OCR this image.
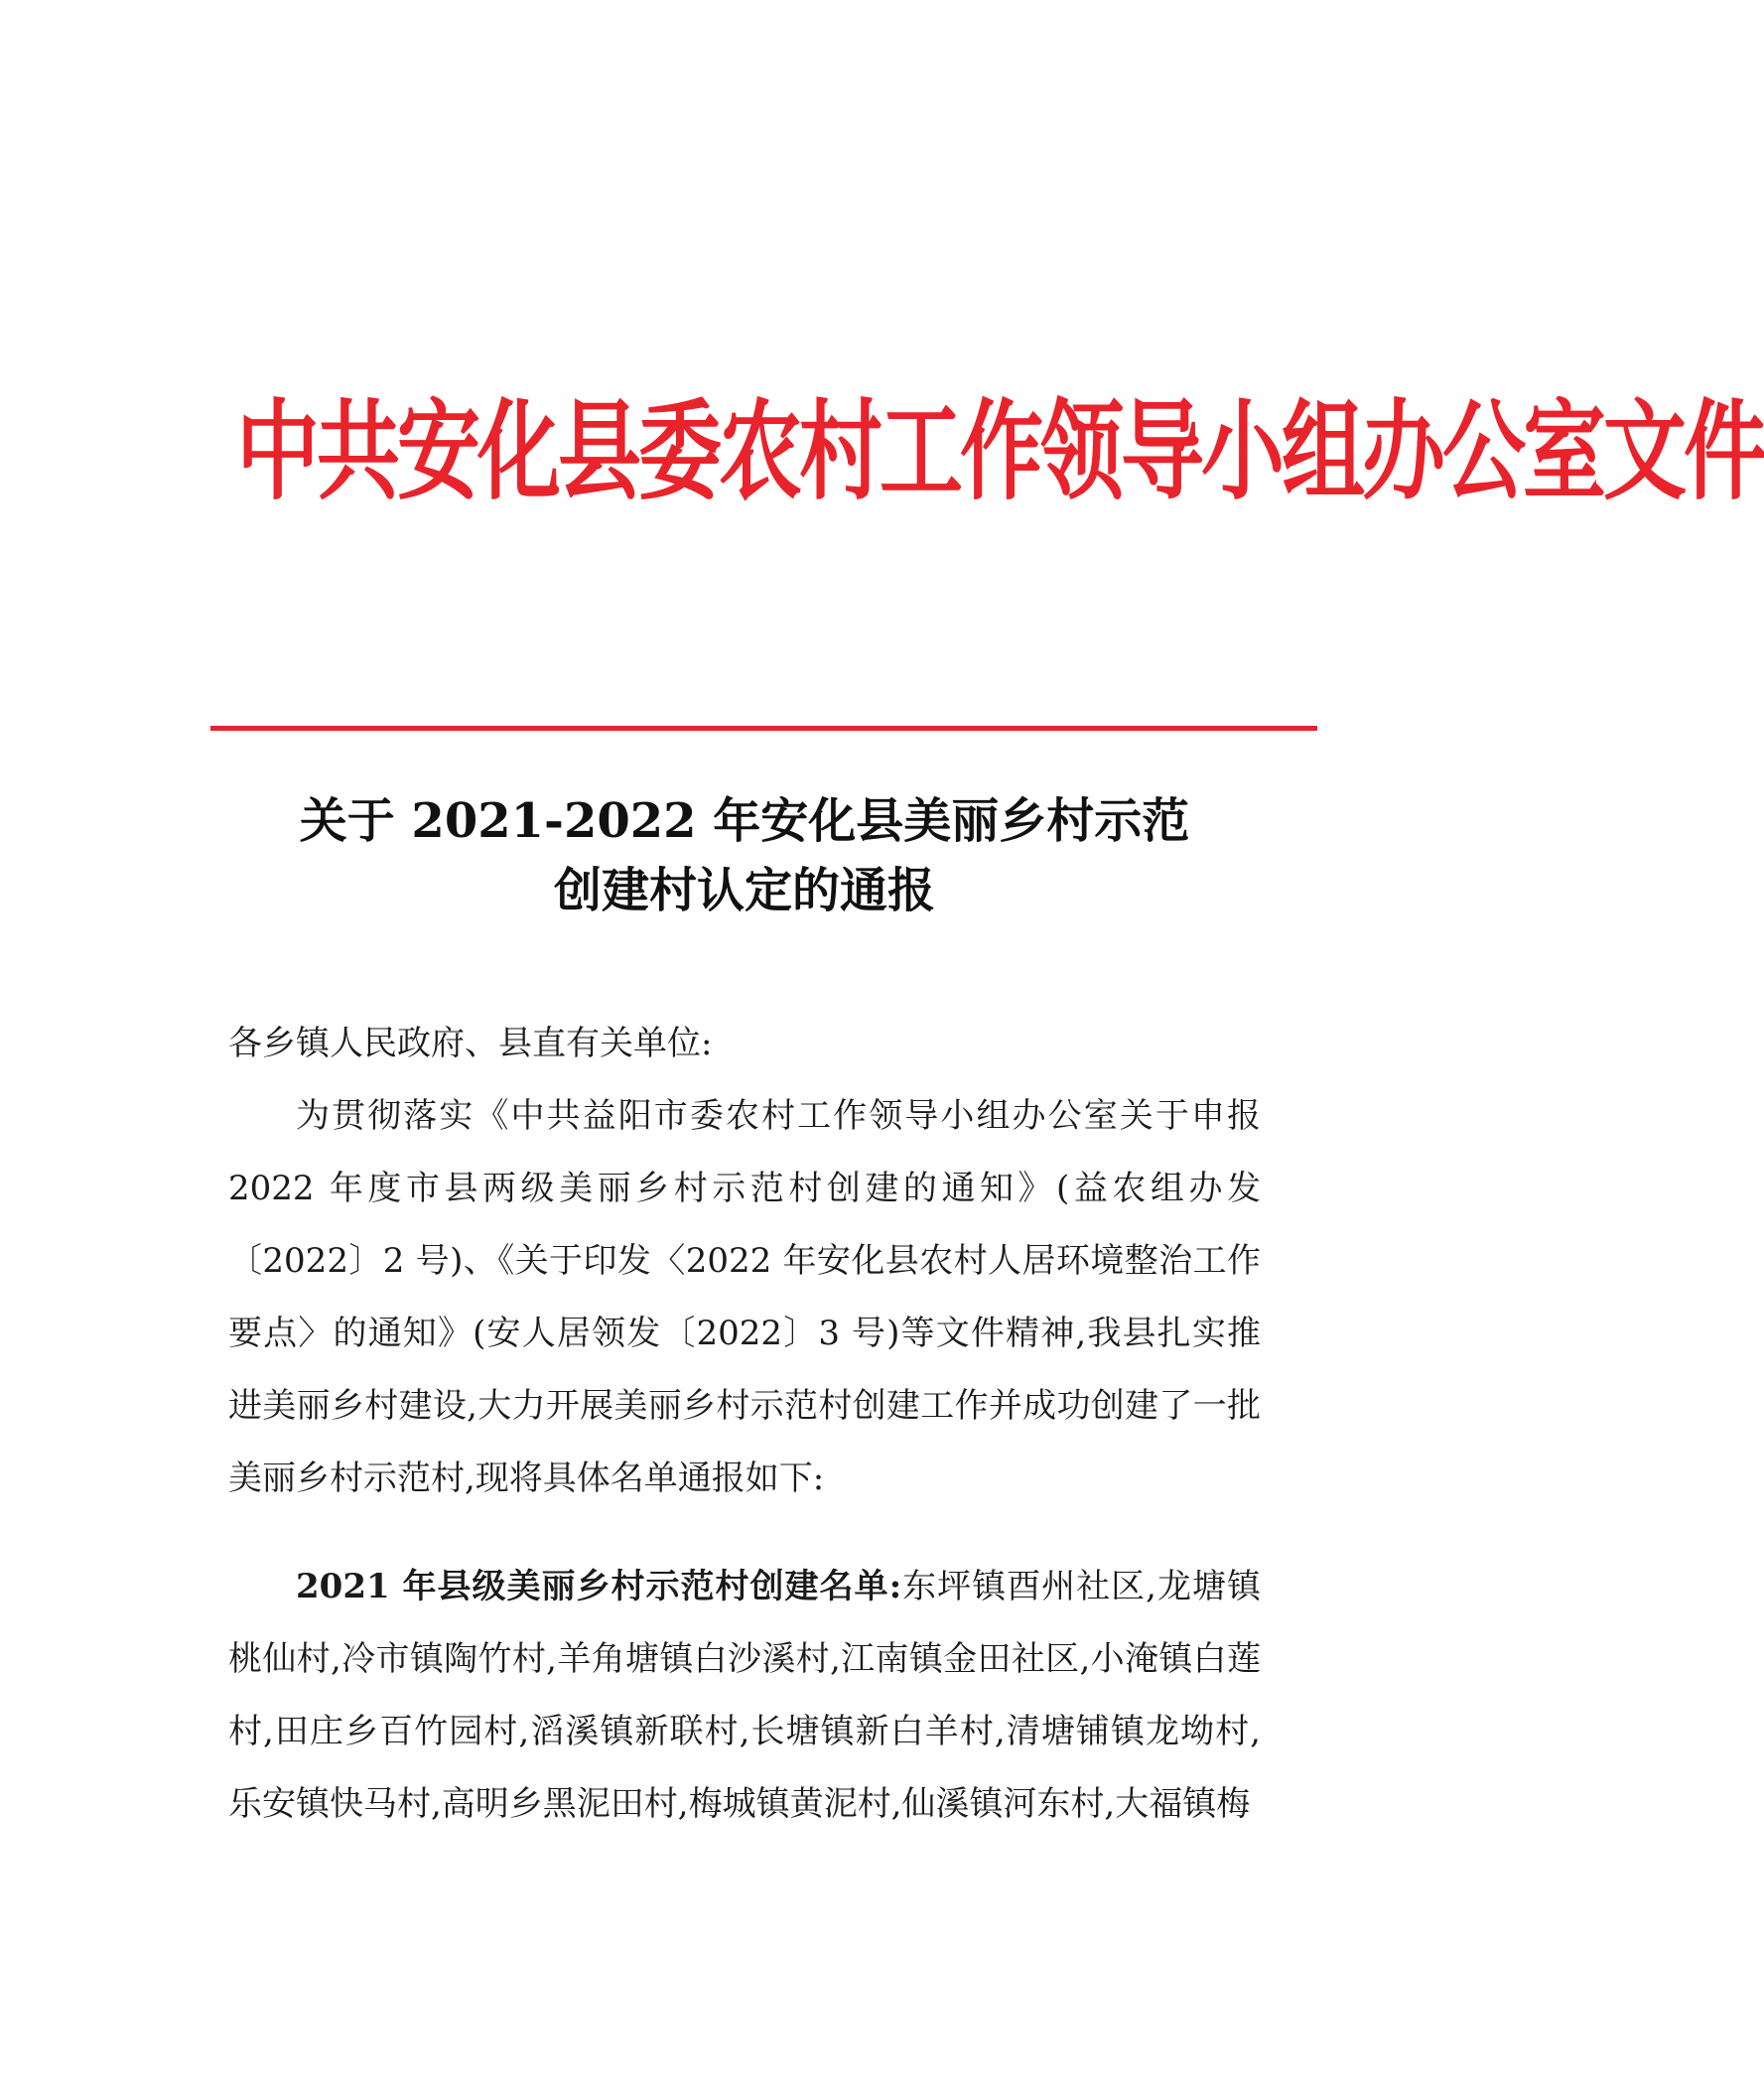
中共安化县委农村工作领导小组办公室文件
关于 2021-2022 年安化县美丽乡村示范
创建村认定的通报
各乡镇人民政府、县直有关单位:

为贯彻落实《中共益阳市委农村工作领导小组办公室关于申报 2022 年度市县两级美丽乡村示范村创建的通知》(益农组办发〔2022〕2 号)、《关于印发〈2022 年安化县农村人居环境整治工作要点〉的通知》(安人居领发〔2022〕3 号)等文件精神,我县扎实推进美丽乡村建设,大力开展美丽乡村示范村创建工作并成功创建了一批美丽乡村示范村,现将具体名单通报如下:

2021 年县级美丽乡村示范村创建名单:东坪镇酉州社区,龙塘镇桃仙村,冷市镇陶竹村,羊角塘镇白沙溪村,江南镇金田社区,小淹镇白莲村,田庄乡百竹园村,滔溪镇新联村,长塘镇新白羊村,清塘铺镇龙坳村,乐安镇快马村,高明乡黑泥田村,梅城镇黄泥村,仙溪镇河东村,大福镇梅
